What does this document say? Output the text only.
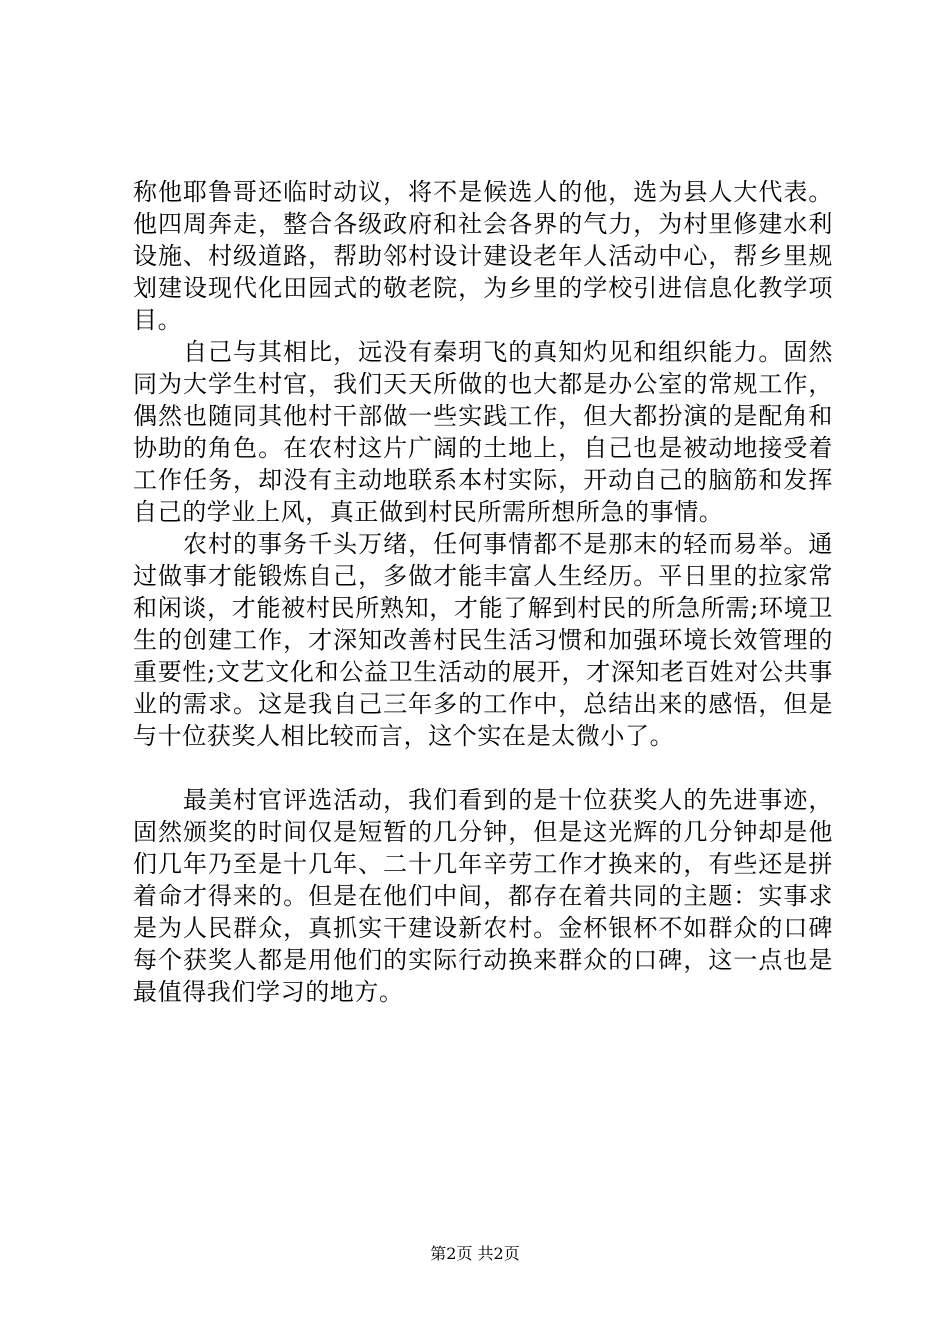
称他耶鲁哥还临时动议，将不是候选人的他，选为县人大代表。他四周奔走，整合各级政府和社会各界的气力，为村里修建水利设施、村级道路，帮助邻村设计建设老年人活动中心，帮乡里规划建设现代化田园式的敬老院，为乡里的学校引进信息化教学项目。

自己与其相比，远没有秦玥飞的真知灼见和组织能力。固然同为大学生村官，我们天天所做的也大都是办公室的常规工作，偶然也随同其他村干部做一些实践工作，但大都扮演的是配角和协助的角色。在农村这片广阔的土地上，自己也是被动地接受着工作任务，却没有主动地联系本村实际，开动自己的脑筋和发挥自己的学业上风，真正做到村民所需所想所急的事情。

农村的事务千头万绪，任何事情都不是那末的轻而易举。通过做事才能锻炼自己，多做才能丰富人生经历。平日里的拉家常和闲谈，才能被村民所熟知，才能了解到村民的所急所需;环境卫生的创建工作，才深知改善村民生活习惯和加强环境长效管理的重要性;文艺文化和公益卫生活动的展开，才深知老百姓对公共事业的需求。这是我自己三年多的工作中，总结出来的感悟，但是与十位获奖人相比较而言，这个实在是太微小了。

最美村官评选活动，我们看到的是十位获奖人的先进事迹，固然颁奖的时间仅是短暂的几分钟，但是这光辉的几分钟却是他们几年乃至是十几年、二十几年辛劳工作才换来的，有些还是拼着命才得来的。但是在他们中间，都存在着共同的主题：实事求是为人民群众，真抓实干建设新农村。金杯银杯不如群众的口碑每个获奖人都是用他们的实际行动换来群众的口碑，这一点也是最值得我们学习的地方。

第2页 共2页
